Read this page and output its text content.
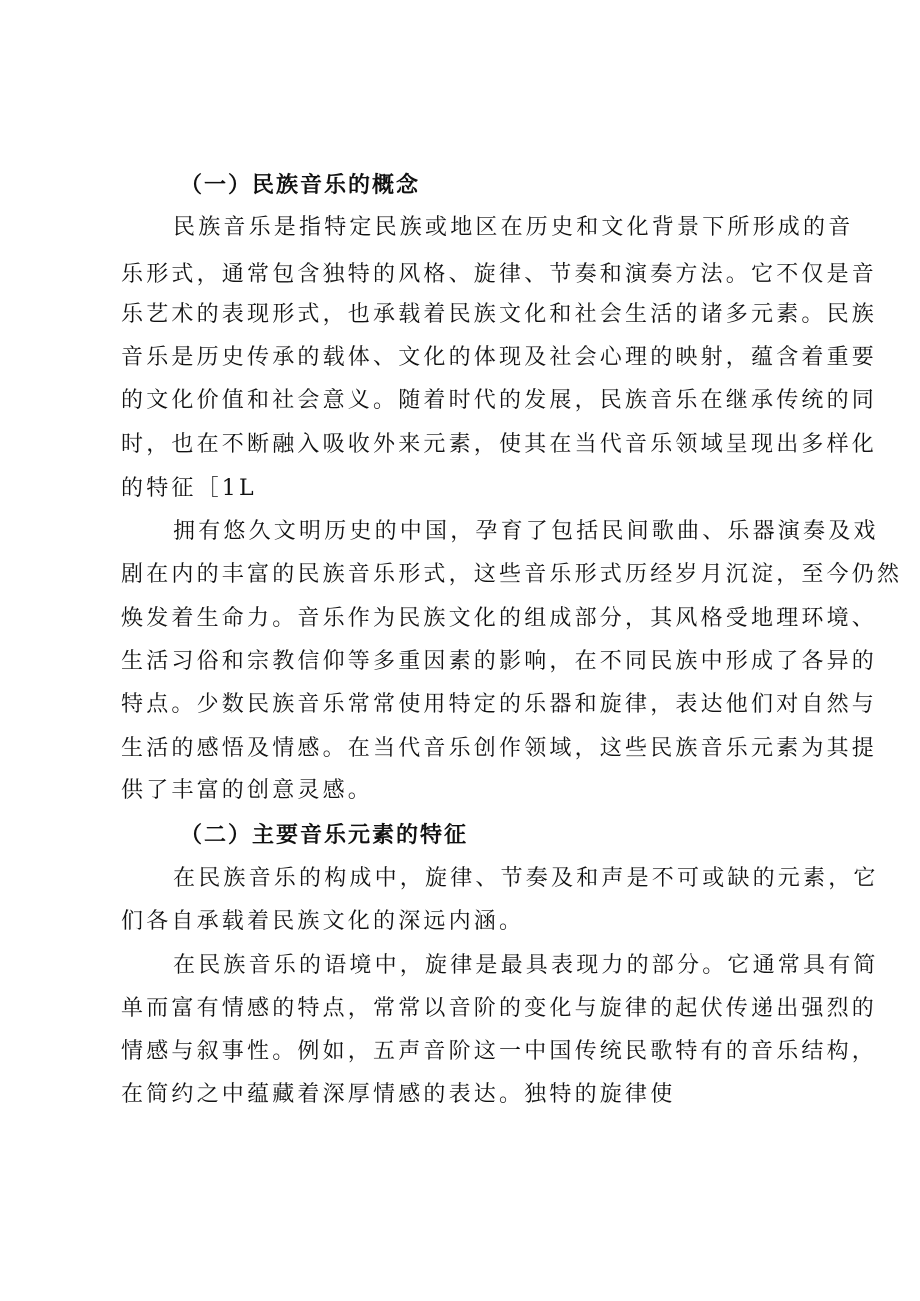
（一）民族音乐的概念
民族音乐是指特定民族或地区在历史和文化背景下所形成的音
乐形式，通常包含独特的风格、旋律、节奏和演奏方法。它不仅是音
乐艺术的表现形式，也承载着民族文化和社会生活的诸多元素。民族
音乐是历史传承的载体、文化的体现及社会心理的映射，蕴含着重要
的文化价值和社会意义。随着时代的发展，民族音乐在继承传统的同
时，也在不断融入吸收外来元素，使其在当代音乐领域呈现出多样化
的特征［1L
拥有悠久文明历史的中国，孕育了包括民间歌曲、乐器演奏及戏
剧在内的丰富的民族音乐形式，这些音乐形式历经岁月沉淀，至今仍然
焕发着生命力。音乐作为民族文化的组成部分，其风格受地理环境、
生活习俗和宗教信仰等多重因素的影响，在不同民族中形成了各异的
特点。少数民族音乐常常使用特定的乐器和旋律，表达他们对自然与
生活的感悟及情感。在当代音乐创作领域，这些民族音乐元素为其提
供了丰富的创意灵感。
（二）主要音乐元素的特征
在民族音乐的构成中，旋律、节奏及和声是不可或缺的元素，它
们各自承载着民族文化的深远内涵。
在民族音乐的语境中，旋律是最具表现力的部分。它通常具有简
单而富有情感的特点，常常以音阶的变化与旋律的起伏传递出强烈的
情感与叙事性。例如，五声音阶这一中国传统民歌特有的音乐结构，
在简约之中蕴藏着深厚情感的表达。独特的旋律使
